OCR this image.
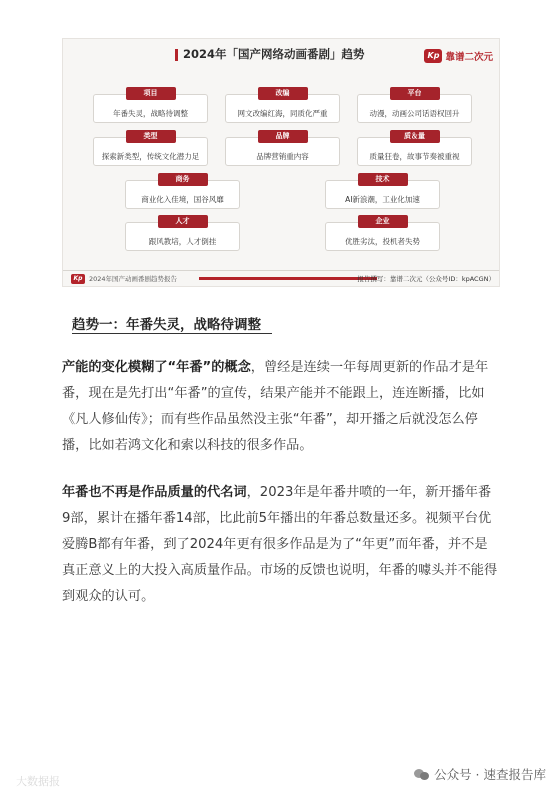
2024年「国产网络动画番剧」趋势	Kp 靠谱二次元
项目
年番失灵，战略待调整
改编
网文改编红海，同质化严重
平台
动漫，动画公司话语权回升
类型
探索新类型，传统文化潜力足
品牌
品牌营销重内容
质＆量
质量狂卷，故事节奏被重视
商务
商业化入佳境，国谷风靡
技术
AI新浪潮，工业化加速
人才
跟风教培，人才倒挂
企业
优胜劣汰，投机者失势
Kp	2024年国产动画番剧趋势报告	报告撰写：靠谱二次元（公众号ID：kpACGN）
趋势一：年番失灵，战略待调整

产能的变化模糊了“年番”的概念，曾经是连续一年每周更新的作品才是年番，现在是先打出“年番”的宣传，结果产能并不能跟上，连连断播，比如《凡人修仙传》；而有些作品虽然没主张“年番”，却开播之后就没怎么停播，比如若鸿文化和索以科技的很多作品。

年番也不再是作品质量的代名词，2023年是年番井喷的一年，新开播年番9部，累计在播年番14部，比此前5年播出的年番总数量还多。视频平台优爱腾B都有年番，到了2024年更有很多作品是为了“年更”而年番，并不是真正意义上的大投入高质量作品。市场的反馈也说明，年番的噱头并不能得到观众的认可。

大数据报	公众号 · 速查报告库
